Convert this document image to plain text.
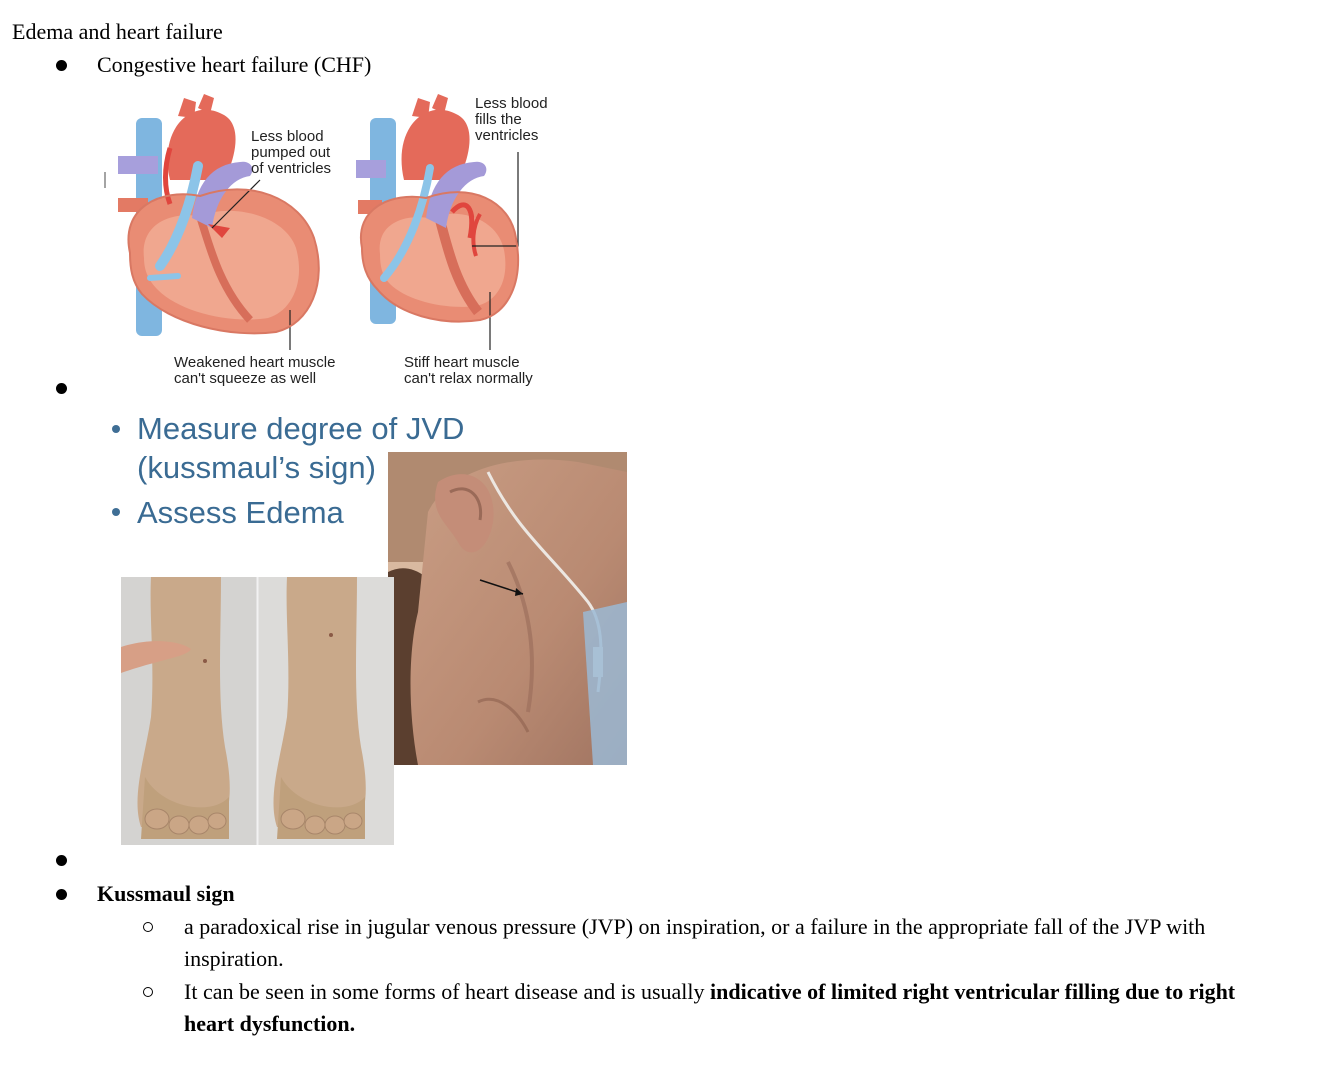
Edema and heart failure
Congestive heart failure (CHF)
Less blood
pumped out
of ventricles
Less blood
fills the
ventricles
Weakened heart muscle
can't squeeze as well
Stiff heart muscle
can't relax normally
Measure degree of JVD
(kussmaul’s sign)
Assess Edema
Kussmaul sign
a paradoxical rise in jugular venous pressure (JVP) on inspiration, or a failure in the appropriate fall of the JVP with inspiration.
It can be seen in some forms of heart disease and is usually indicative of limited right ventricular filling due to right heart dysfunction.
